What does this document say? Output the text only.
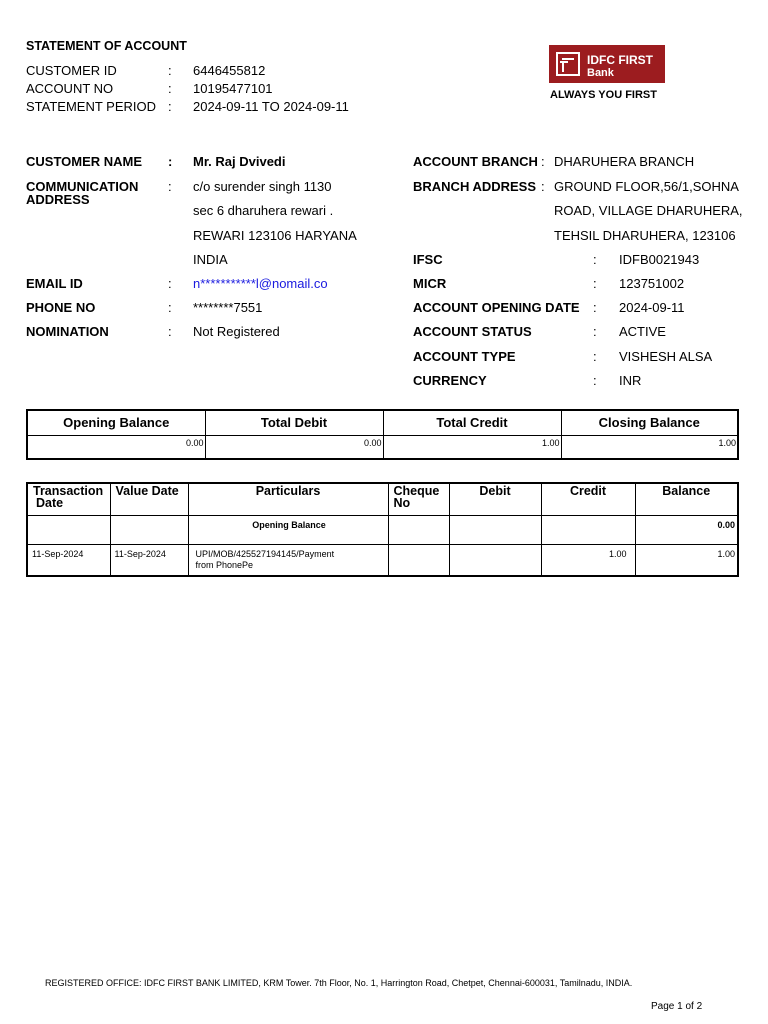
STATEMENT OF ACCOUNT
CUSTOMER ID	: 6446455812
ACCOUNT NO	: 10195477101
STATEMENT PERIOD : 2024-09-11 TO 2024-09-11
IDFC FIRST
Bank
ALWAYS YOU FIRST
CUSTOMER NAME : Mr. Raj Dvivedi
COMMUNICATION
ADDRESS
: c/o surender singh 1130
sec 6 dharuhera rewari .
REWARI 123106 HARYANA
INDIA
EMAIL ID	: n***********l@nomail.co
PHONE NO	: ********7551
NOMINATION	: Not Registered
ACCOUNT BRANCH : DHARUHERA BRANCH
BRANCH ADDRESS : GROUND FLOOR,56/1,SOHNA
ROAD, VILLAGE DHARUHERA,
TEHSIL DHARUHERA, 123106
IFSC	: IDFB0021943
MICR	: 123751002
ACCOUNT OPENING DATE : 2024-09-11
ACCOUNT STATUS	: ACTIVE
ACCOUNT TYPE	: VISHESH ALSA
CURRENCY	: INR
Opening Balance	Total Debit	Total Credit	Closing Balance
0.00	0.00	1.00	1.00
Transaction
Date	Value Date	Particulars	Cheque
No	Debit	Credit	Balance
		Opening Balance				0.00
11-Sep-2024	11-Sep-2024	UPI/MOB/425527194145/Payment
from PhonePe			1.00	1.00
REGISTERED OFFICE: IDFC FIRST BANK LIMITED, KRM Tower. 7th Floor, No. 1, Harrington Road, Chetpet, Chennai-600031, Tamilnadu, INDIA.
Page 1 of 2
